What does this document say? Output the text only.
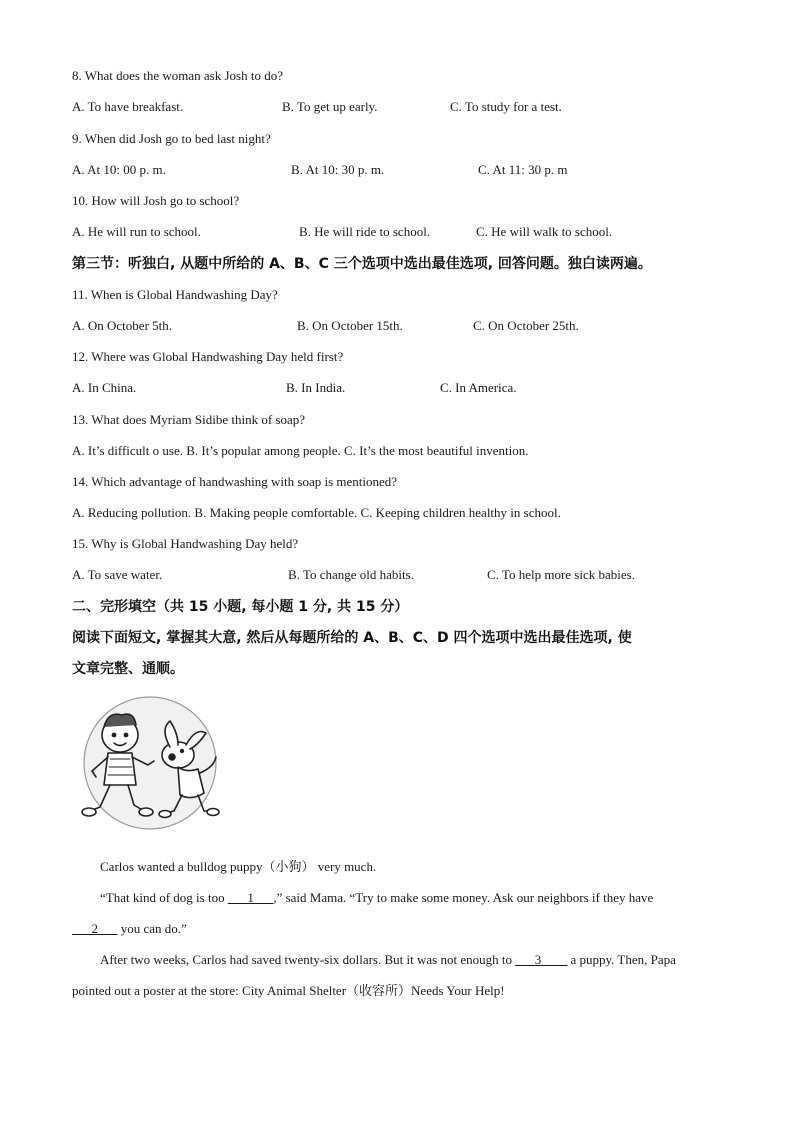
8. What does the woman ask Josh to do?
A. To have breakfast.	B. To get up early.	C. To study for a test.
9. When did Josh go to bed last night?
A. At 10: 00 p. m.	B. At 10: 30 p. m.	C. At 11: 30 p. m
10. How will Josh go to school?
A. He will run to school.	B. He will ride to school.	C. He will walk to school.
第三节：听独白, 从题中所给的 A、B、C 三个选项中选出最佳选项, 回答问题。独白读两遍。
11. When is Global Handwashing Day?
A. On October 5th.	B. On October 15th.	C. On October 25th.
12. Where was Global Handwashing Day held first?
A. In China.	B. In India.	C. In America.
13. What does Myriam Sidibe think of soap?
A. It’s difficult o use. B. It’s popular among people. C. It’s the most beautiful invention.
14. Which advantage of handwashing with soap is mentioned?
A. Reducing pollution. B. Making people comfortable. C. Keeping children healthy in school.
15. Why is Global Handwashing Day held?
A. To save water.	B. To change old habits.	C. To help more sick babies.
二、完形填空（共 15 小题, 每小题 1 分, 共 15 分）
阅读下面短文, 掌握其大意, 然后从每题所给的 A、B、C、D 四个选项中选出最佳选项, 使
文章完整、通顺。
Carlos wanted a bulldog puppy（小狗） very much.
“That kind of dog is too ___1___,” said Mama. “Try to make some money. Ask our neighbors if they have
___2___ you can do.”
After two weeks, Carlos had saved twenty-six dollars. But it was not enough to ___3____ a puppy. Then, Papa
pointed out a poster at the store: City Animal Shelter（收容所）Needs Your Help!
